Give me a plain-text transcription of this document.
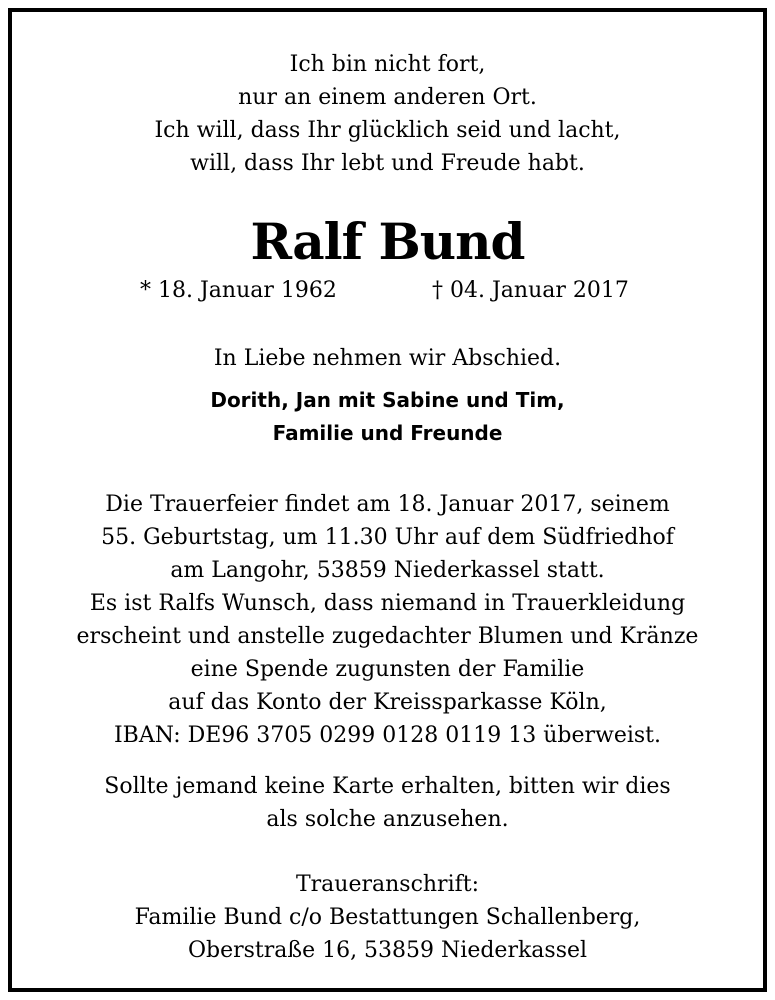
Ich bin nicht fort,
nur an einem anderen Ort.
Ich will, dass Ihr glücklich seid und lacht,
will, dass Ihr lebt und Freude habt.
Ralf Bund
* 18. Januar 1962	† 04. Januar 2017
In Liebe nehmen wir Abschied.
Dorith, Jan mit Sabine und Tim,
Familie und Freunde
Die Trauerfeier findet am 18. Januar 2017, seinem
55. Geburtstag, um 11.30 Uhr auf dem Südfriedhof
am Langohr, 53859 Niederkassel statt.
Es ist Ralfs Wunsch, dass niemand in Trauerkleidung
erscheint und anstelle zugedachter Blumen und Kränze
eine Spende zugunsten der Familie
auf das Konto der Kreissparkasse Köln,
IBAN: DE96 3705 0299 0128 0119 13 überweist.
Sollte jemand keine Karte erhalten, bitten wir dies
als solche anzusehen.
Traueranschrift:
Familie Bund c/o Bestattungen Schallenberg,
Oberstraße 16, 53859 Niederkassel
